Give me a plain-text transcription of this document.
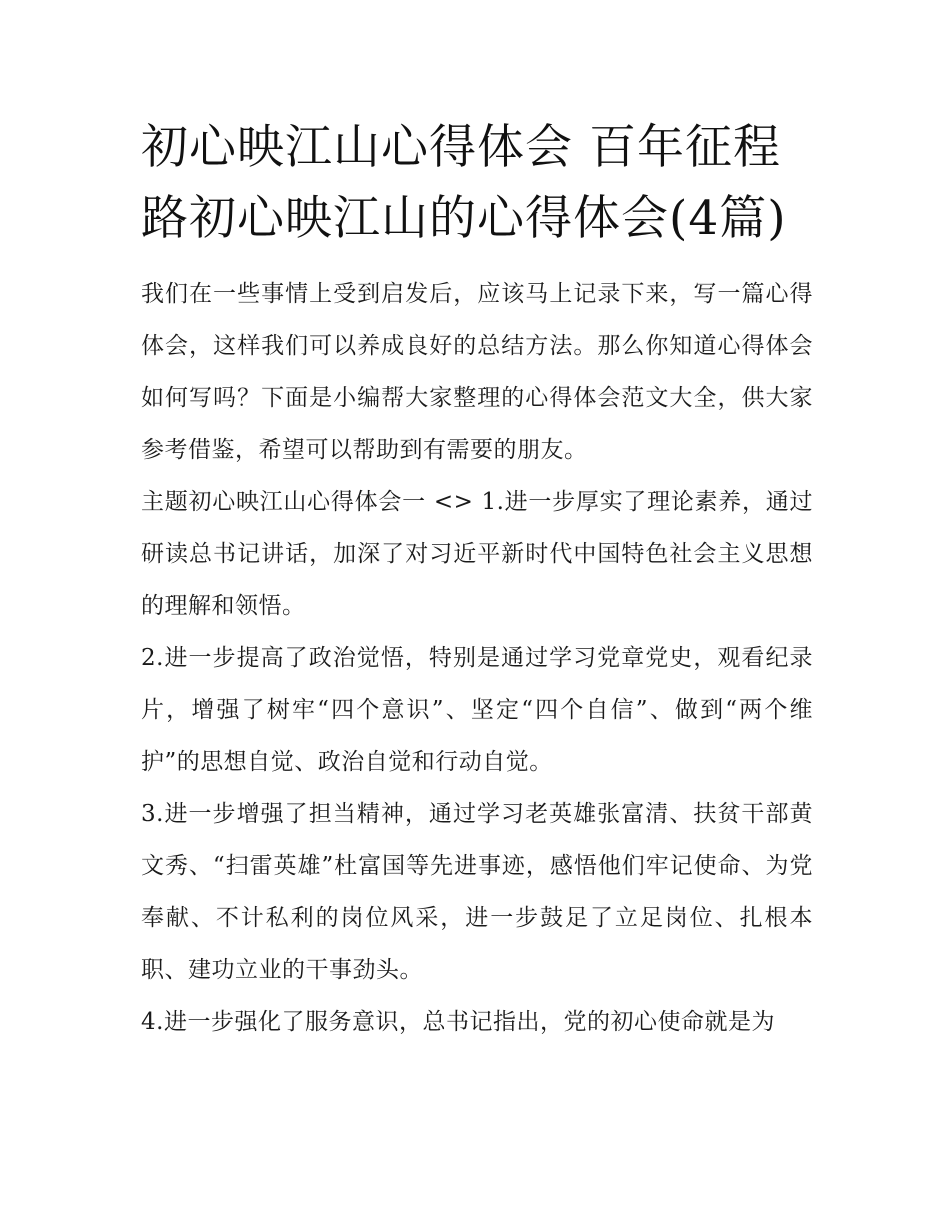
初心映江山心得体会 百年征程路初心映江山的心得体会(4篇)

我们在一些事情上受到启发后，应该马上记录下来，写一篇心得体会，这样我们可以养成良好的总结方法。那么你知道心得体会如何写吗？下面是小编帮大家整理的心得体会范文大全，供大家参考借鉴，希望可以帮助到有需要的朋友。

主题初心映江山心得体会一 <> 1.进一步厚实了理论素养，通过研读总书记讲话，加深了对习近平新时代中国特色社会主义思想的理解和领悟。

2.进一步提高了政治觉悟，特别是通过学习党章党史，观看纪录片，增强了树牢“四个意识”、坚定“四个自信”、做到“两个维护”的思想自觉、政治自觉和行动自觉。

3.进一步增强了担当精神，通过学习老英雄张富清、扶贫干部黄文秀、“扫雷英雄”杜富国等先进事迹，感悟他们牢记使命、为党奉献、不计私利的岗位风采，进一步鼓足了立足岗位、扎根本职、建功立业的干事劲头。

4.进一步强化了服务意识，总书记指出，党的初心使命就是为
